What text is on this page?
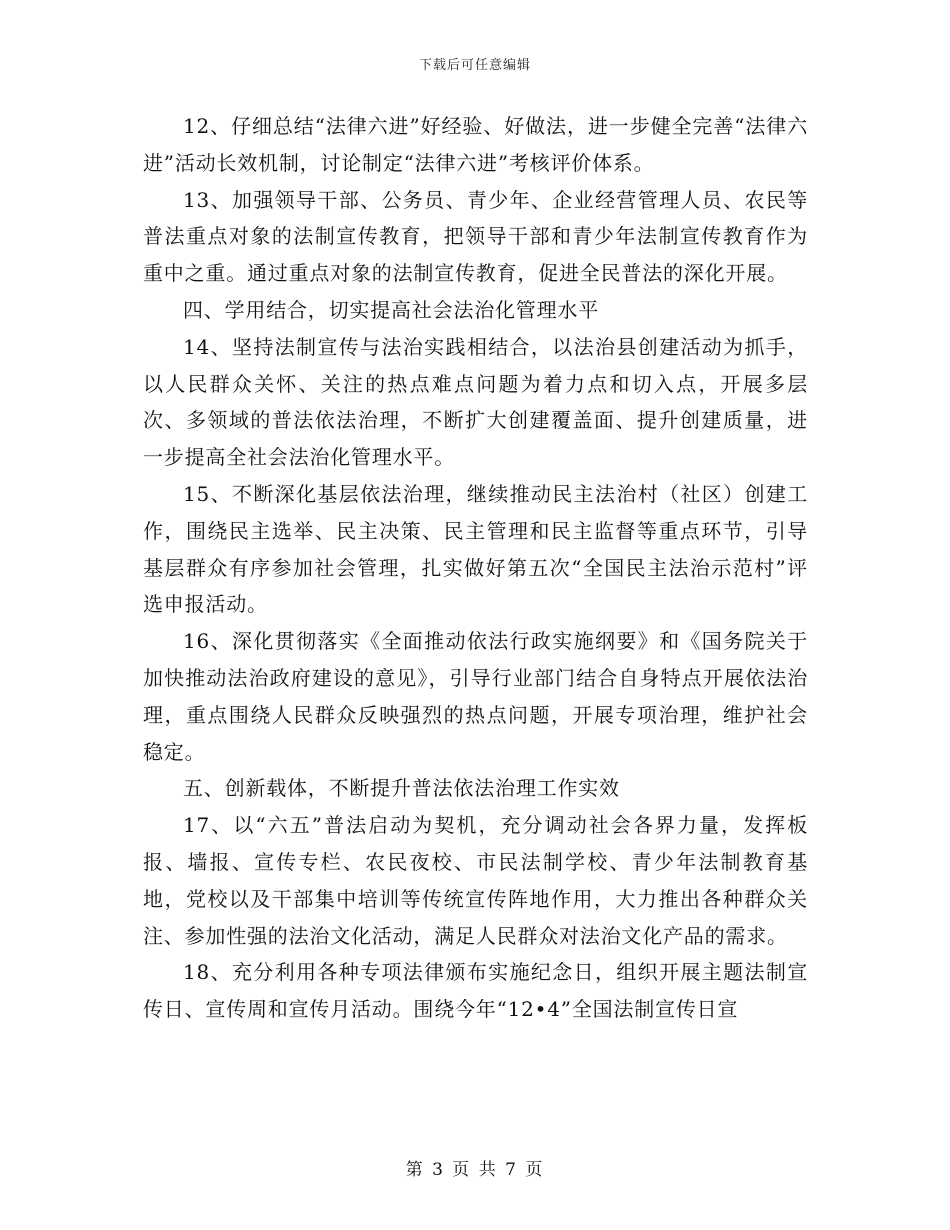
下载后可任意编辑

12、仔细总结“法律六进”好经验、好做法，进一步健全完善“法律六进”活动长效机制，讨论制定“法律六进”考核评价体系。

13、加强领导干部、公务员、青少年、企业经营管理人员、农民等普法重点对象的法制宣传教育，把领导干部和青少年法制宣传教育作为重中之重。通过重点对象的法制宣传教育，促进全民普法的深化开展。

四、学用结合，切实提高社会法治化管理水平

14、坚持法制宣传与法治实践相结合，以法治县创建活动为抓手，以人民群众关怀、关注的热点难点问题为着力点和切入点，开展多层次、多领域的普法依法治理，不断扩大创建覆盖面、提升创建质量，进一步提高全社会法治化管理水平。

15、不断深化基层依法治理，继续推动民主法治村（社区）创建工作，围绕民主选举、民主决策、民主管理和民主监督等重点环节，引导基层群众有序参加社会管理，扎实做好第五次“全国民主法治示范村”评选申报活动。

16、深化贯彻落实《全面推动依法行政实施纲要》和《国务院关于加快推动法治政府建设的意见》，引导行业部门结合自身特点开展依法治理，重点围绕人民群众反映强烈的热点问题，开展专项治理，维护社会稳定。

五、创新载体，不断提升普法依法治理工作实效

17、以“六五”普法启动为契机，充分调动社会各界力量，发挥板报、墙报、宣传专栏、农民夜校、市民法制学校、青少年法制教育基地，党校以及干部集中培训等传统宣传阵地作用，大力推出各种群众关注、参加性强的法治文化活动，满足人民群众对法治文化产品的需求。

18、充分利用各种专项法律颁布实施纪念日，组织开展主题法制宣传日、宣传周和宣传月活动。围绕今年“12•4”全国法制宣传日宣

第 3 页 共 7 页
